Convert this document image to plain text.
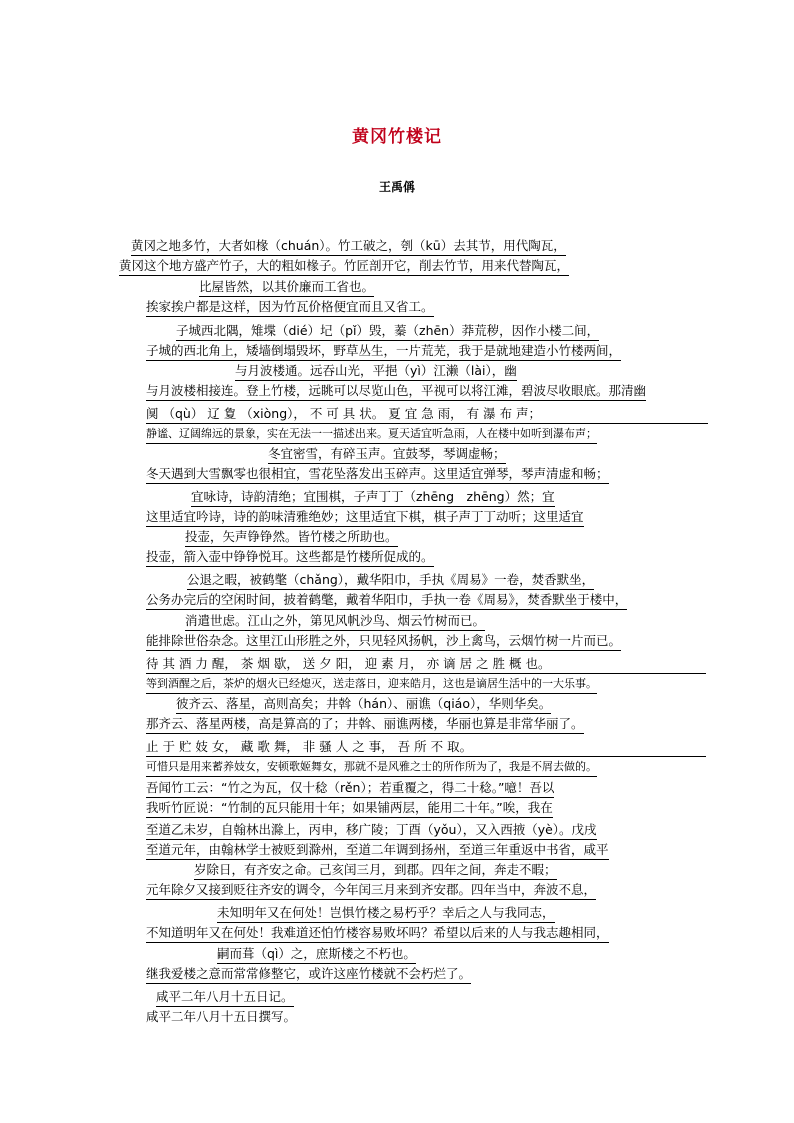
黄冈竹楼记
王禹偁
黄冈之地多竹，大者如椽（chuán）。竹工破之，刳（kū）去其节，用代陶瓦，
黄冈这个地方盛产竹子，大的粗如椽子。竹匠剖开它，削去竹节，用来代替陶瓦，
比屋皆然，以其价廉而工省也。
挨家挨户都是这样，因为竹瓦价格便宜而且又省工。
子城西北隅，雉堞（dié）圮（pǐ）毁，蓁（zhēn）莽荒秽，因作小楼二间，
子城的西北角上，矮墙倒塌毁坏，野草丛生，一片荒芜，我于是就地建造小竹楼两间，
与月波楼通。远吞山光，平挹（yì）江濑（lài），幽
与月波楼相接连。登上竹楼，远眺可以尽览山色，平视可以将江滩，碧波尽收眼底。那清幽
阒 （qù） 辽 夐 （xiòng）， 不 可 具 状。 夏 宜 急 雨， 有 瀑 布 声；
静谧、辽阔绵远的景象，实在无法一一描述出来。夏天适宜听急雨，人在楼中如听到瀑布声；
冬宜密雪，有碎玉声。宜鼓琴，琴调虚畅；
冬天遇到大雪飘零也很相宜，雪花坠落发出玉碎声。这里适宜弹琴，琴声清虚和畅；
宜咏诗，诗韵清绝；宜围棋，子声丁丁（zhēng　zhēng）然；宜
这里适宜吟诗，诗的韵味清雅绝妙；这里适宜下棋，棋子声丁丁动听；这里适宜
投壶，矢声铮铮然。皆竹楼之所助也。
投壶，箭入壶中铮铮悦耳。这些都是竹楼所促成的。
公退之暇，被鹤氅（chǎng），戴华阳巾，手执《周易》一卷，焚香默坐，
公务办完后的空闲时间，披着鹤氅，戴着华阳巾，手执一卷《周易》，焚香默坐于楼中，
消遣世虑。江山之外，第见风帆沙鸟、烟云竹树而已。
能排除世俗杂念。这里江山形胜之外，只见轻风扬帆，沙上禽鸟，云烟竹树一片而已。
待 其 酒 力 醒， 茶 烟 歇， 送 夕 阳， 迎 素 月， 亦 谪 居 之 胜 概 也。
等到酒醒之后，茶炉的烟火已经熄灭，送走落日，迎来皓月，这也是谪居生活中的一大乐事。
彼齐云、落星，高则高矣；井斡（hán）、丽谯（qiáo），华则华矣。
那齐云、落星两楼，高是算高的了；井斡、丽谯两楼，华丽也算是非常华丽了。
止 于 贮 妓 女， 藏 歌 舞， 非 骚 人 之 事， 吾 所 不 取。
可惜只是用来蓄养妓女，安顿歌姬舞女，那就不是风雅之士的所作所为了，我是不屑去做的。
吾闻竹工云：“竹之为瓦，仅十稔（rěn）；若重覆之，得二十稔。”噫！吾以
我听竹匠说：“竹制的瓦只能用十年；如果铺两层，能用二十年。”唉，我在
至道乙未岁，自翰林出滁上，丙申，移广陵；丁酉（yǒu），又入西掖（yè）。戊戌
至道元年，由翰林学士被贬到滁州，至道二年调到扬州，至道三年重返中书省，咸平
岁除日，有齐安之命。己亥闰三月，到郡。四年之间，奔走不暇；
元年除夕又接到贬往齐安的调令，今年闰三月来到齐安郡。四年当中，奔波不息，
未知明年又在何处！岂惧竹楼之易朽乎？幸后之人与我同志，
不知道明年又在何处！我难道还怕竹楼容易败坏吗？希望以后来的人与我志趣相同，
嗣而葺（qì）之，庶斯楼之不朽也。
继我爱楼之意而常常修整它，或许这座竹楼就不会朽烂了。
咸平二年八月十五日记。
咸平二年八月十五日撰写。
